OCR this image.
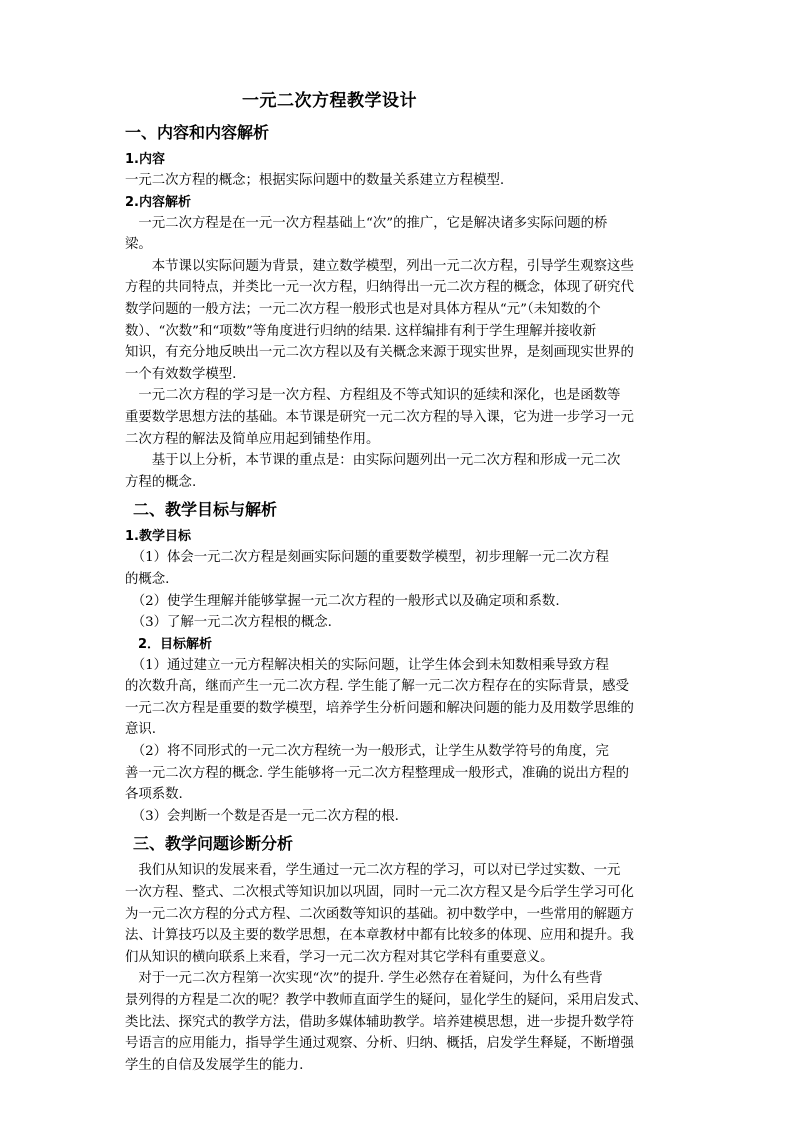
一元二次方程教学设计
一、内容和内容解析
1.内容

一元二次方程的概念；根据实际问题中的数量关系建立方程模型.

2.内容解析

　一元二次方程是在一元一次方程基础上“次”的推广，它是解决诸多实际问题的桥

梁。

　　本节课以实际问题为背景，建立数学模型，列出一元二次方程，引导学生观察这些

方程的共同特点，并类比一元一次方程，归纳得出一元二次方程的概念，体现了研究代

数学问题的一般方法；一元二次方程一般形式也是对具体方程从“元”（未知数的个

数）、“次数”和“项数”等角度进行归纳的结果. 这样编排有利于学生理解并接收新

知识，有充分地反映出一元二次方程以及有关概念来源于现实世界，是刻画现实世界的

一个有效数学模型.

　一元二次方程的学习是一次方程、方程组及不等式知识的延续和深化，也是函数等

重要数学思想方法的基础。本节课是研究一元二次方程的导入课，它为进一步学习一元

二次方程的解法及简单应用起到铺垫作用。

　　基于以上分析，本节课的重点是：由实际问题列出一元二次方程和形成一元二次

方程的概念.

二、教学目标与解析
1.教学目标

　（1）体会一元二次方程是刻画实际问题的重要数学模型，初步理解一元二次方程

的概念.

　（2）使学生理解并能够掌握一元二次方程的一般形式以及确定项和系数.

　（3）了解一元二次方程根的概念.

　2．目标解析

　（1）通过建立一元方程解决相关的实际问题，让学生体会到未知数相乘导致方程

的次数升高，继而产生一元二次方程. 学生能了解一元二次方程存在的实际背景，感受

一元二次方程是重要的数学模型，培养学生分析问题和解决问题的能力及用数学思维的

意识.

　（2）将不同形式的一元二次方程统一为一般形式，让学生从数学符号的角度，完

善一元二次方程的概念. 学生能够将一元二次方程整理成一般形式，准确的说出方程的

各项系数.

　（3）会判断一个数是否是一元二次方程的根.

三、教学问题诊断分析

　我们从知识的发展来看，学生通过一元二次方程的学习，可以对已学过实数、一元

一次方程、整式、二次根式等知识加以巩固，同时一元二次方程又是今后学生学习可化

为一元二次方程的分式方程、二次函数等知识的基础。初中数学中，一些常用的解题方

法、计算技巧以及主要的数学思想，在本章教材中都有比较多的体现、应用和提升。我

们从知识的横向联系上来看，学习一元二次方程对其它学科有重要意义。

　对于一元二次方程第一次实现“次”的提升. 学生必然存在着疑问，为什么有些背

景列得的方程是二次的呢？教学中教师直面学生的疑问，显化学生的疑问，采用启发式、

类比法、探究式的教学方法，借助多媒体辅助教学。培养建模思想，进一步提升数学符

号语言的应用能力，指导学生通过观察、分析、归纳、概括，启发学生释疑，不断增强

学生的自信及发展学生的能力.
